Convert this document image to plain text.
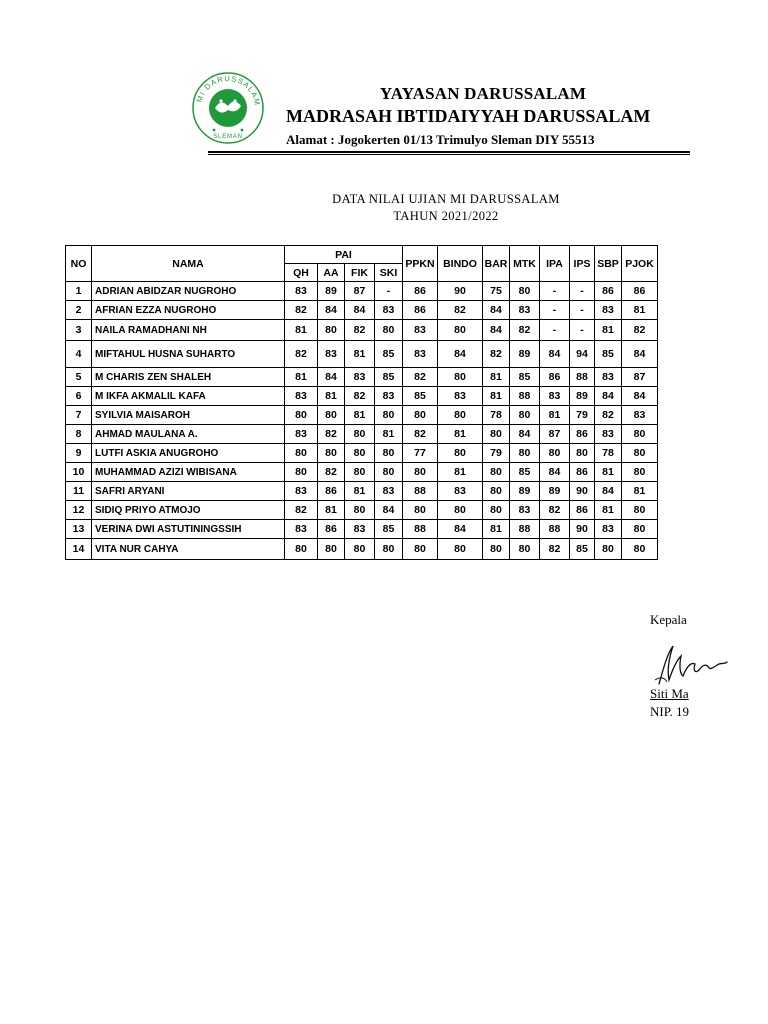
MI DARUSSALAM
SLEMAN
YAYASAN DARUSSALAM
MADRASAH IBTIDAIYYAH DARUSSALAM
Alamat : Jogokerten 01/13 Trimulyo Sleman DIY 55513
DATA NILAI UJIAN MI DARUSSALAM
TAHUN 2021/2022
NO	NAMA	PAI				PPKN	BINDO	BAR	MTK	IPA	IPS	SBP	PJOK
		QH	AA	FIK	SKI								
1	ADRIAN ABIDZAR NUGROHO	83	89	87	-	86	90	75	80	-	-	86	86
2	AFRIAN EZZA NUGROHO	82	84	84	83	86	82	84	83	-	-	83	81
3	NAILA RAMADHANI NH	81	80	82	80	83	80	84	82	-	-	81	82
4	MIFTAHUL HUSNA SUHARTO	82	83	81	85	83	84	82	89	84	94	85	84
5	M CHARIS ZEN SHALEH	81	84	83	85	82	80	81	85	86	88	83	87
6	M IKFA AKMALIL KAFA	83	81	82	83	85	83	81	88	83	89	84	84
7	SYILVIA MAISAROH	80	80	81	80	80	80	78	80	81	79	82	83
8	AHMAD MAULANA A.	83	82	80	81	82	81	80	84	87	86	83	80
9	LUTFI ASKIA ANUGROHO	80	80	80	80	77	80	79	80	80	80	78	80
10	MUHAMMAD AZIZI WIBISANA	80	82	80	80	80	81	80	85	84	86	81	80
11	SAFRI ARYANI	83	86	81	83	88	83	80	89	89	90	84	81
12	SIDIQ PRIYO ATMOJO	82	81	80	84	80	80	80	83	82	86	81	80
13	VERINA DWI ASTUTININGSSIH	83	86	83	85	88	84	81	88	88	90	83	80
14	VITA NUR CAHYA	80	80	80	80	80	80	80	80	82	85	80	80
Kepala
Siti Ma
NIP. 19
